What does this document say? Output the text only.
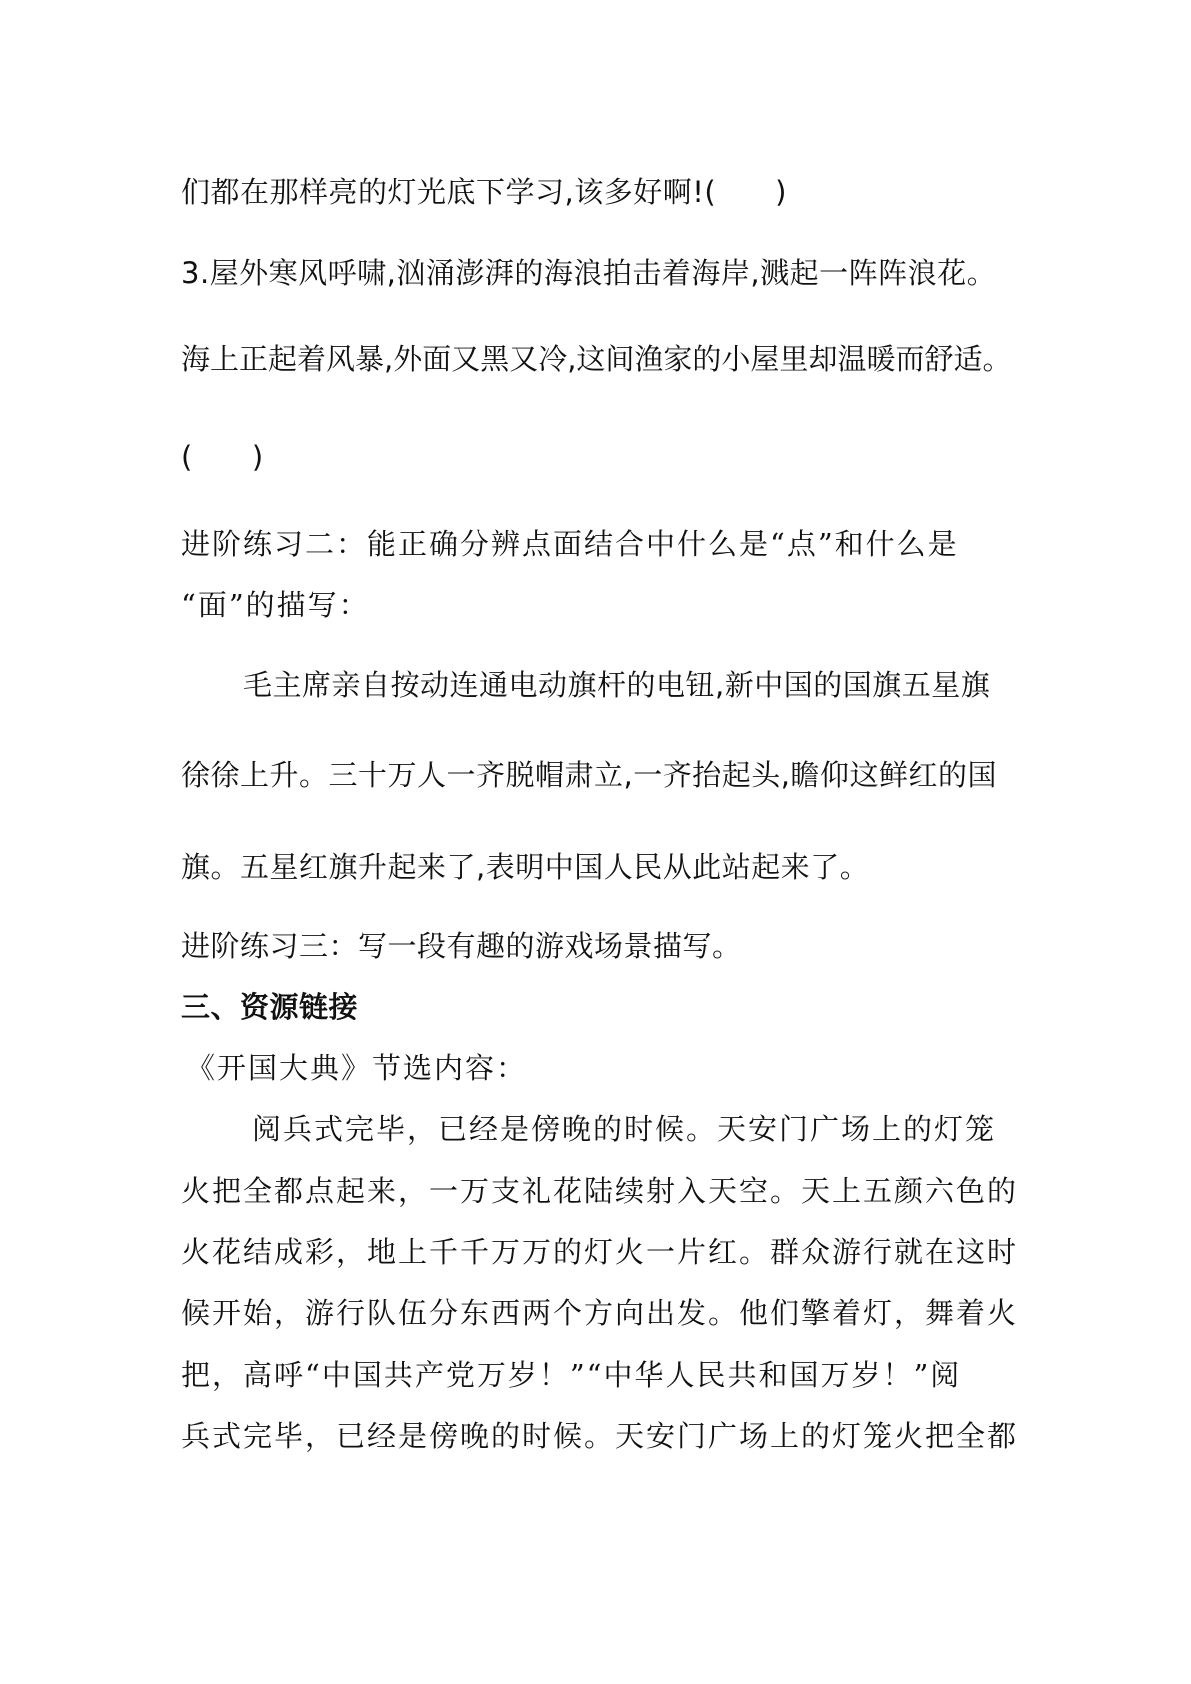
们都在那样亮的灯光底下学习,该多好啊!(　　)

3.屋外寒风呼啸,汹涌澎湃的海浪拍击着海岸,溅起一阵阵浪花。

海上正起着风暴,外面又黑又冷,这间渔家的小屋里却温暖而舒适。

(　　)

进阶练习二：能正确分辨点面结合中什么是“点”和什么是

“面”的描写：

毛主席亲自按动连通电动旗杆的电钮,新中国的国旗五星旗

徐徐上升。三十万人一齐脱帽肃立,一齐抬起头,瞻仰这鲜红的国

旗。五星红旗升起来了,表明中国人民从此站起来了。

进阶练习三：写一段有趣的游戏场景描写。

三、资源链接

《开国大典》节选内容：

阅兵式完毕，已经是傍晚的时候。天安门广场上的灯笼

火把全都点起来，一万支礼花陆续射入天空。天上五颜六色的

火花结成彩，地上千千万万的灯火一片红。群众游行就在这时

候开始，游行队伍分东西两个方向出发。他们擎着灯，舞着火

把，高呼“中国共产党万岁！”“中华人民共和国万岁！”阅

兵式完毕，已经是傍晚的时候。天安门广场上的灯笼火把全都
